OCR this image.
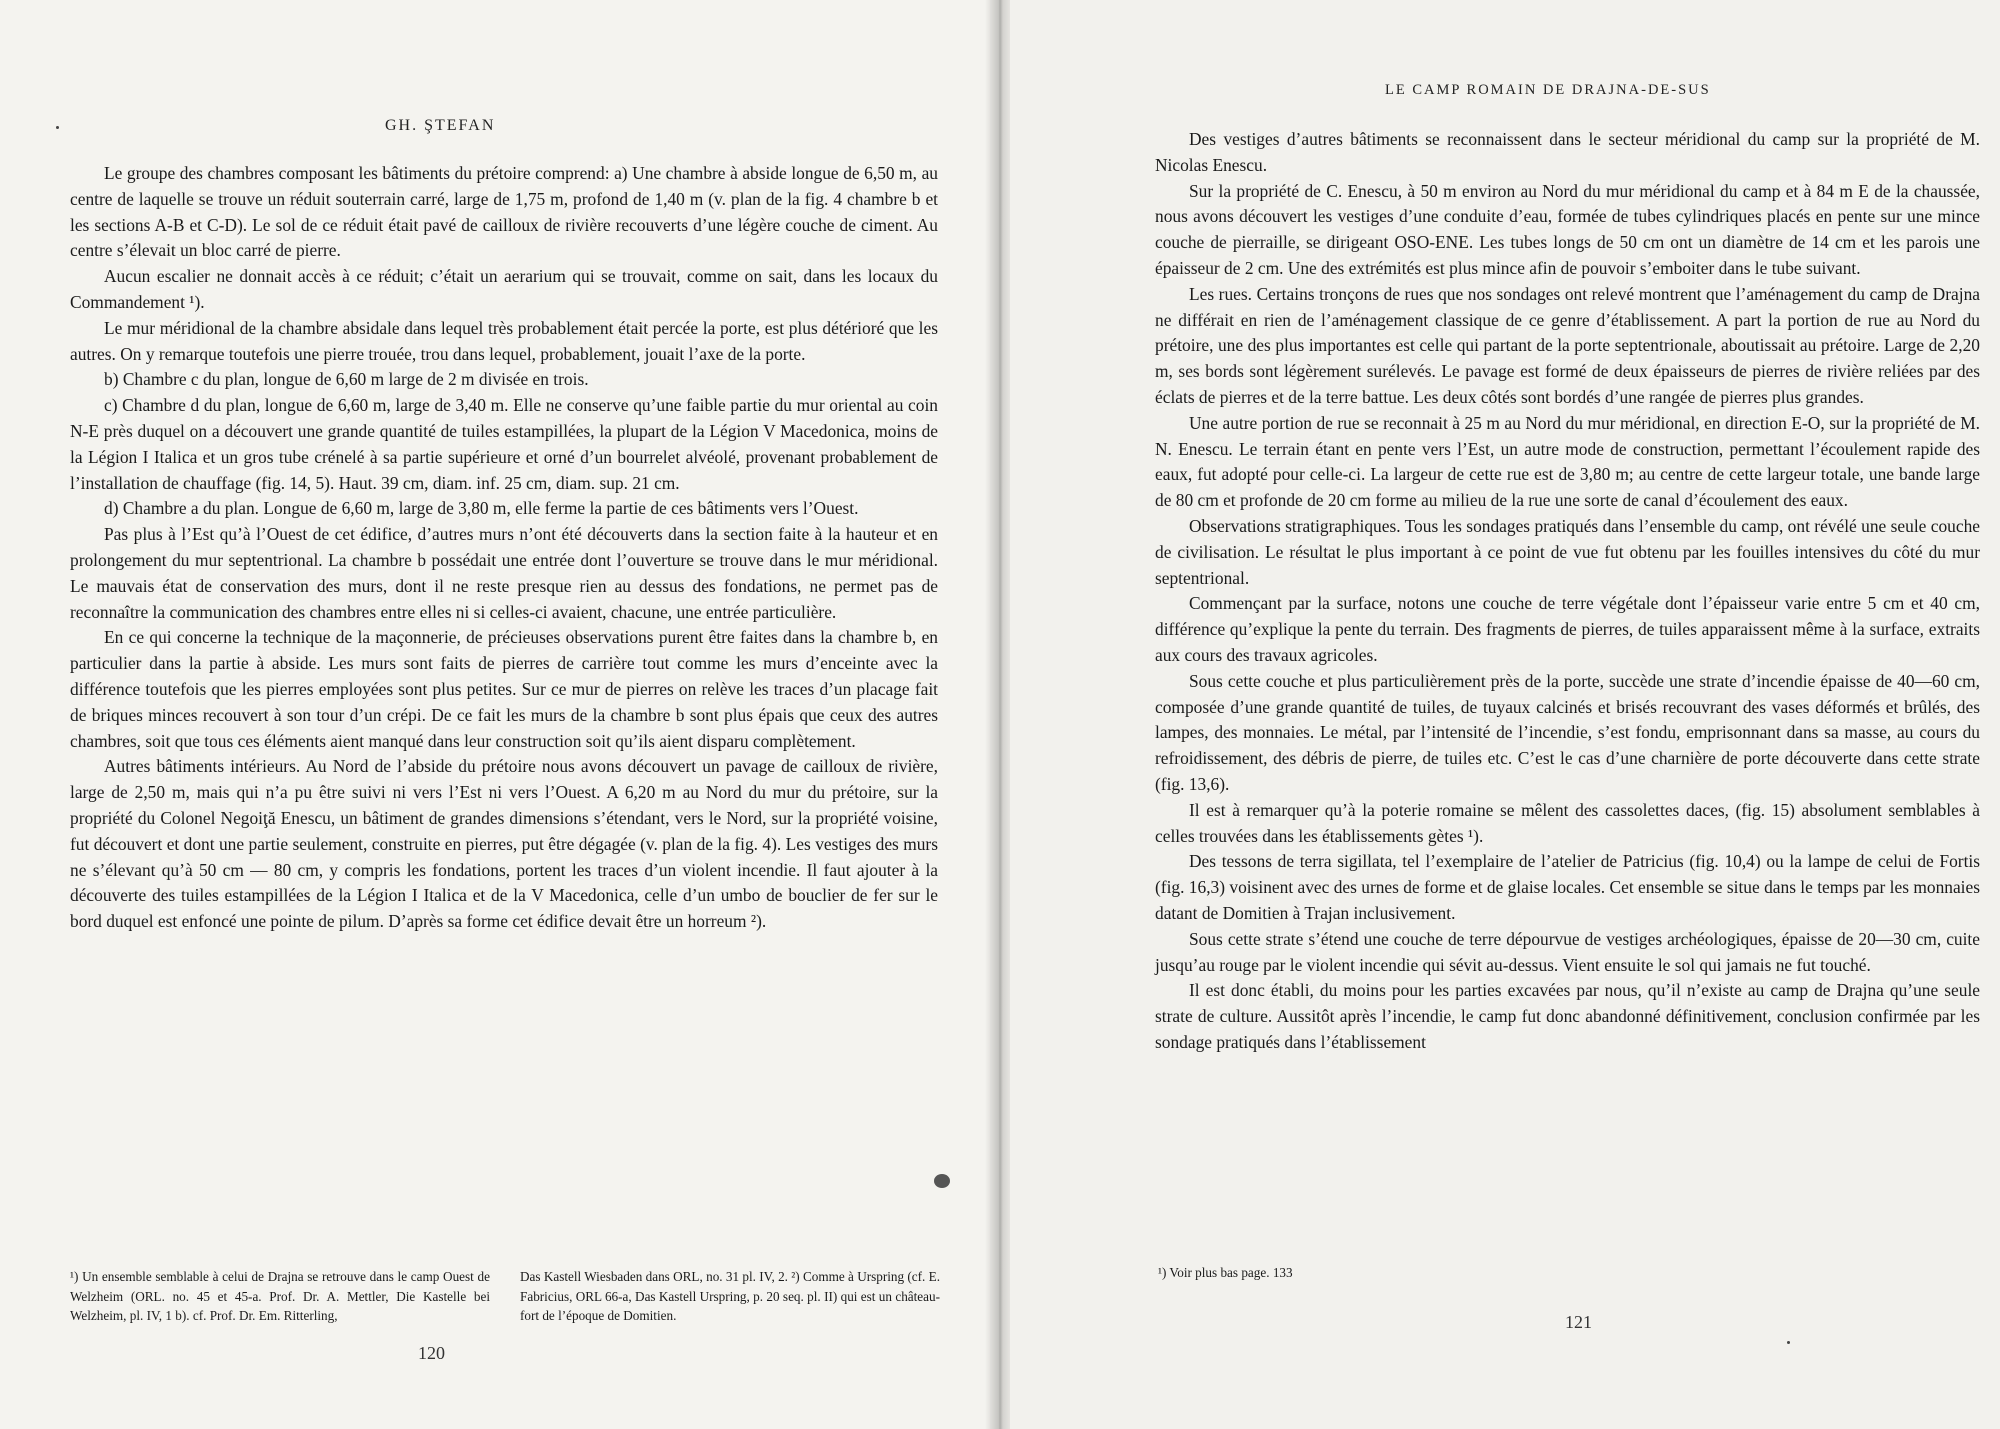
GH. ŞTEFAN

Le groupe des chambres composant les bâtiments du prétoire comprend: a) Une chambre à abside longue de 6,50 m, au centre de laquelle se trouve un réduit souterrain carré, large de 1,75 m, profond de 1,40 m (v. plan de la fig. 4 chambre b et les sections A-B et C-D). Le sol de ce réduit était pavé de cailloux de rivière recouverts d’une légère couche de ciment. Au centre s’élevait un bloc carré de pierre.

Aucun escalier ne donnait accès à ce réduit; c’était un aerarium qui se trouvait, comme on sait, dans les locaux du Commandement ¹).

Le mur méridional de la chambre absidale dans lequel très probablement était percée la porte, est plus détérioré que les autres. On y remarque toutefois une pierre trouée, trou dans lequel, probablement, jouait l’axe de la porte.

b) Chambre c du plan, longue de 6,60 m large de 2 m divisée en trois.

c) Chambre d du plan, longue de 6,60 m, large de 3,40 m. Elle ne conserve qu’une faible partie du mur oriental au coin N-E près duquel on a découvert une grande quantité de tuiles estampillées, la plupart de la Légion V Macedonica, moins de la Légion I Italica et un gros tube crénelé à sa partie supérieure et orné d’un bourrelet alvéolé, provenant probablement de l’installation de chauffage (fig. 14, 5). Haut. 39 cm, diam. inf. 25 cm, diam. sup. 21 cm.

d) Chambre a du plan. Longue de 6,60 m, large de 3,80 m, elle ferme la partie de ces bâtiments vers l’Ouest.

Pas plus à l’Est qu’à l’Ouest de cet édifice, d’autres murs n’ont été découverts dans la section faite à la hauteur et en prolongement du mur septentrional. La chambre b possédait une entrée dont l’ouverture se trouve dans le mur méridional. Le mauvais état de conservation des murs, dont il ne reste presque rien au dessus des fondations, ne permet pas de reconnaître la communication des chambres entre elles ni si celles-ci avaient, chacune, une entrée particulière.

En ce qui concerne la technique de la maçonnerie, de précieuses observations purent être faites dans la chambre b, en particulier dans la partie à abside. Les murs sont faits de pierres de carrière tout comme les murs d’enceinte avec la différence toutefois que les pierres employées sont plus petites. Sur ce mur de pierres on relève les traces d’un placage fait de briques minces recouvert à son tour d’un crépi. De ce fait les murs de la chambre b sont plus épais que ceux des autres chambres, soit que tous ces éléments aient manqué dans leur construction soit qu’ils aient disparu complètement.

Autres bâtiments intérieurs. Au Nord de l’abside du prétoire nous avons découvert un pavage de cailloux de rivière, large de 2,50 m, mais qui n’a pu être suivi ni vers l’Est ni vers l’Ouest. A 6,20 m au Nord du mur du prétoire, sur la propriété du Colonel Negoiţă Enescu, un bâtiment de grandes dimensions s’étendant, vers le Nord, sur la propriété voisine, fut découvert et dont une partie seulement, construite en pierres, put être dégagée (v. plan de la fig. 4). Les vestiges des murs ne s’élevant qu’à 50 cm — 80 cm, y compris les fondations, portent les traces d’un violent incendie. Il faut ajouter à la découverte des tuiles estampillées de la Légion I Italica et de la V Macedonica, celle d’un umbo de bouclier de fer sur le bord duquel est enfoncé une pointe de pilum. D’après sa forme cet édifice devait être un horreum ²).

¹) Un ensemble semblable à celui de Drajna se retrouve dans le camp Ouest de Welzheim (ORL. no. 45 et 45-a. Prof. Dr. A. Mettler, Die Kastelle bei Welzheim, pl. IV, 1 b). cf. Prof. Dr. Em. Ritterling,
Das Kastell Wiesbaden dans ORL, no. 31 pl. IV, 2. ²) Comme à Urspring (cf. E. Fabricius, ORL 66-a, Das Kastell Urspring, p. 20 seq. pl. II) qui est un château-fort de l’époque de Domitien.
120
LE CAMP ROMAIN DE DRAJNA-DE-SUS

Des vestiges d’autres bâtiments se reconnaissent dans le secteur méridional du camp sur la propriété de M. Nicolas Enescu.

Sur la propriété de C. Enescu, à 50 m environ au Nord du mur méridional du camp et à 84 m E de la chaussée, nous avons découvert les vestiges d’une conduite d’eau, formée de tubes cylindriques placés en pente sur une mince couche de pierraille, se dirigeant OSO-ENE. Les tubes longs de 50 cm ont un diamètre de 14 cm et les parois une épaisseur de 2 cm. Une des extrémités est plus mince afin de pouvoir s’emboiter dans le tube suivant.

Les rues. Certains tronçons de rues que nos sondages ont relevé montrent que l’aménagement du camp de Drajna ne différait en rien de l’aménagement classique de ce genre d’établissement. A part la portion de rue au Nord du prétoire, une des plus importantes est celle qui partant de la porte septentrionale, aboutissait au prétoire. Large de 2,20 m, ses bords sont légèrement surélevés. Le pavage est formé de deux épaisseurs de pierres de rivière reliées par des éclats de pierres et de la terre battue. Les deux côtés sont bordés d’une rangée de pierres plus grandes.

Une autre portion de rue se reconnait à 25 m au Nord du mur méridional, en direction E-O, sur la propriété de M. N. Enescu. Le terrain étant en pente vers l’Est, un autre mode de construction, permettant l’écoulement rapide des eaux, fut adopté pour celle-ci. La largeur de cette rue est de 3,80 m; au centre de cette largeur totale, une bande large de 80 cm et profonde de 20 cm forme au milieu de la rue une sorte de canal d’écoulement des eaux.

Observations stratigraphiques. Tous les sondages pratiqués dans l’ensemble du camp, ont révélé une seule couche de civilisation. Le résultat le plus important à ce point de vue fut obtenu par les fouilles intensives du côté du mur septentrional.

Commençant par la surface, notons une couche de terre végétale dont l’épaisseur varie entre 5 cm et 40 cm, différence qu’explique la pente du terrain. Des fragments de pierres, de tuiles apparaissent même à la surface, extraits aux cours des travaux agricoles.

Sous cette couche et plus particulièrement près de la porte, succède une strate d’incendie épaisse de 40—60 cm, composée d’une grande quantité de tuiles, de tuyaux calcinés et brisés recouvrant des vases déformés et brûlés, des lampes, des monnaies. Le métal, par l’intensité de l’incendie, s’est fondu, emprisonnant dans sa masse, au cours du refroidissement, des débris de pierre, de tuiles etc. C’est le cas d’une charnière de porte découverte dans cette strate (fig. 13,6).

Il est à remarquer qu’à la poterie romaine se mêlent des cassolettes daces, (fig. 15) absolument semblables à celles trouvées dans les établissements gètes ¹).

Des tessons de terra sigillata, tel l’exemplaire de l’atelier de Patricius (fig. 10,4) ou la lampe de celui de Fortis (fig. 16,3) voisinent avec des urnes de forme et de glaise locales. Cet ensemble se situe dans le temps par les monnaies datant de Domitien à Trajan inclusivement.

Sous cette strate s’étend une couche de terre dépourvue de vestiges archéologiques, épaisse de 20—30 cm, cuite jusqu’au rouge par le violent incendie qui sévit au-dessus. Vient ensuite le sol qui jamais ne fut touché.

Il est donc établi, du moins pour les parties excavées par nous, qu’il n’existe au camp de Drajna qu’une seule strate de culture. Aussitôt après l’incendie, le camp fut donc abandonné définitivement, conclusion confirmée par les sondage pratiqués dans l’établissement

¹) Voir plus bas page. 133
121
